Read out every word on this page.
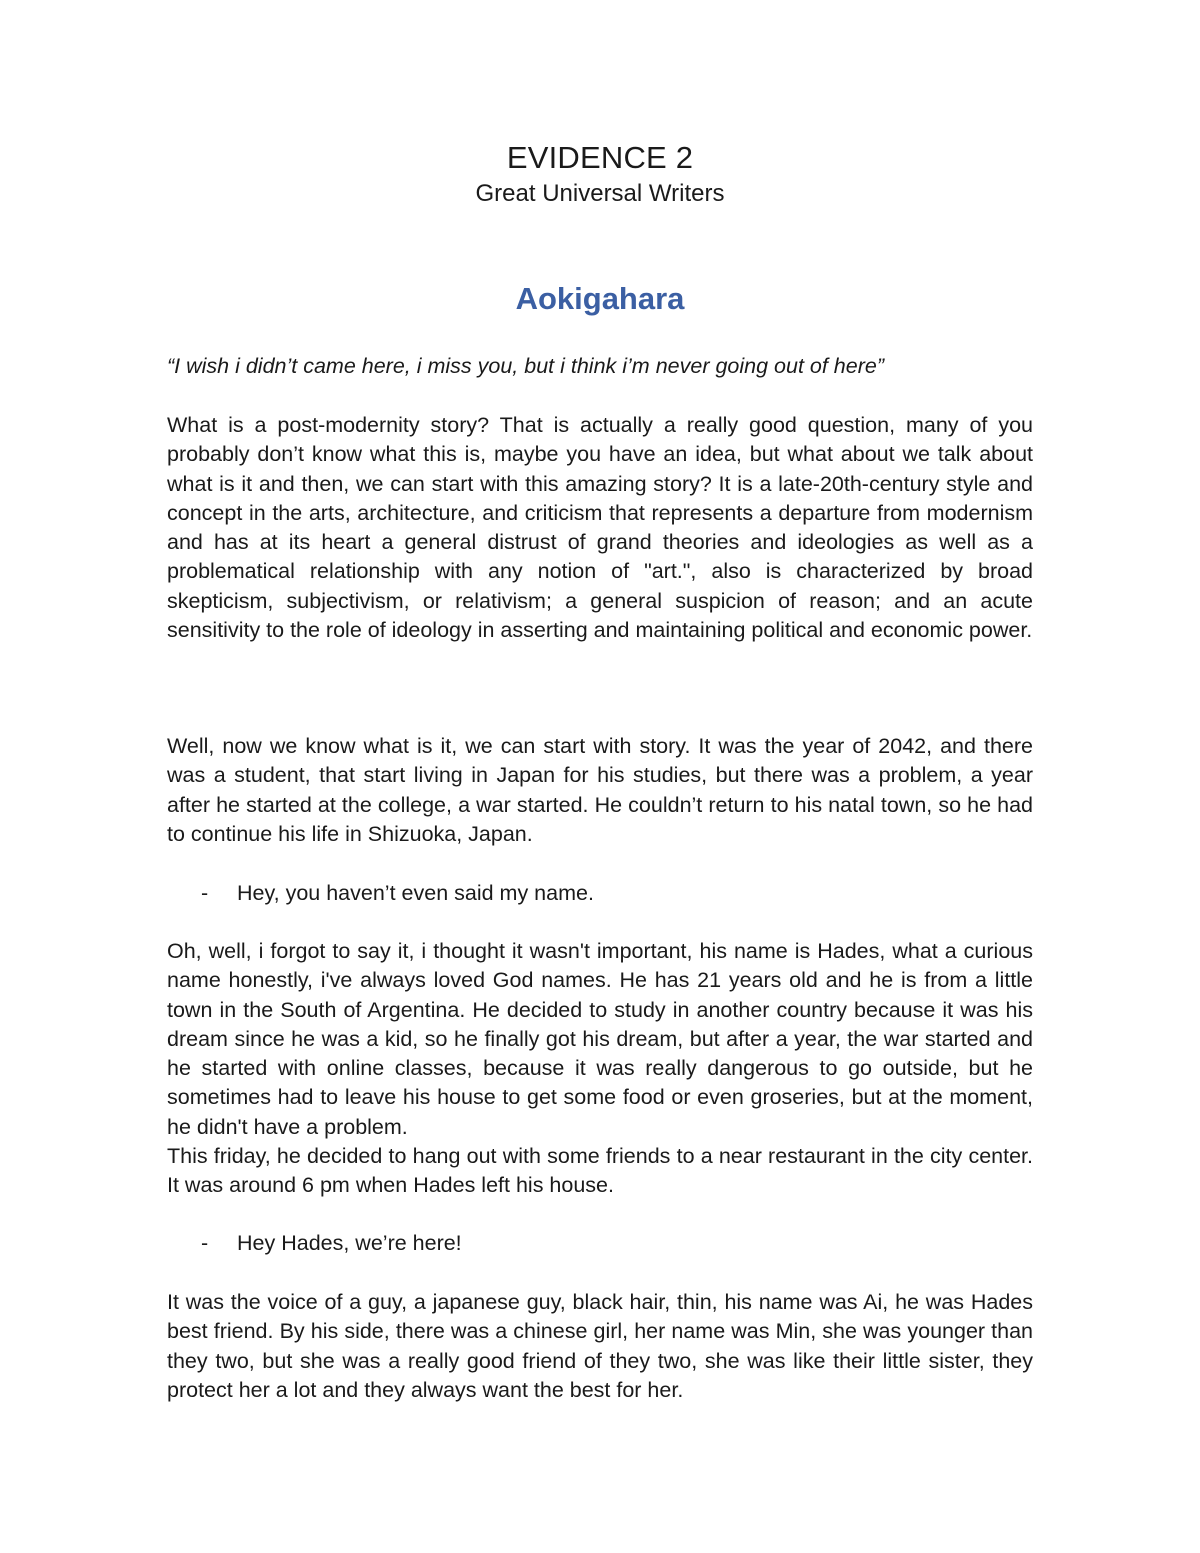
EVIDENCE 2
Great Universal Writers
Aokigahara

“I wish i didn’t came here, i miss you, but i think i’m never going out of here”

What is a post-modernity story? That is actually a really good question, many of you probably don’t know what this is, maybe you have an idea, but what about we talk about what is it and then, we can start with this amazing story? It is a late-20th-century style and concept in the arts, architecture, and criticism that represents a departure from modernism and has at its heart a general distrust of grand theories and ideologies as well as a problematical relationship with any notion of "art.", also is characterized by broad skepticism, subjectivism, or relativism; a general suspicion of reason; and an acute sensitivity to the role of ideology in asserting and maintaining political and economic power.

Well, now we know what is it, we can start with story. It was the year of 2042, and there was a student, that start living in Japan for his studies, but there was a problem, a year after he started at the college, a war started. He couldn’t return to his natal town, so he had to continue his life in Shizuoka, Japan.

- Hey, you haven’t even said my name.

Oh, well, i forgot to say it, i thought it wasn't important, his name is Hades, what a curious name honestly, i've always loved God names. He has 21 years old and he is from a little town in the South of Argentina. He decided to study in another country because it was his dream since he was a kid, so he finally got his dream, but after a year, the war started and he started with online classes, because it was really dangerous to go outside, but he sometimes had to leave his house to get some food or even groseries, but at the moment, he didn't have a problem.

This friday, he decided to hang out with some friends to a near restaurant in the city center. It was around 6 pm when Hades left his house.

- Hey Hades, we’re here!

It was the voice of a guy, a japanese guy, black hair, thin, his name was Ai, he was Hades best friend. By his side, there was a chinese girl, her name was Min, she was younger than they two, but she was a really good friend of they two, she was like their little sister, they protect her a lot and they always want the best for her.
